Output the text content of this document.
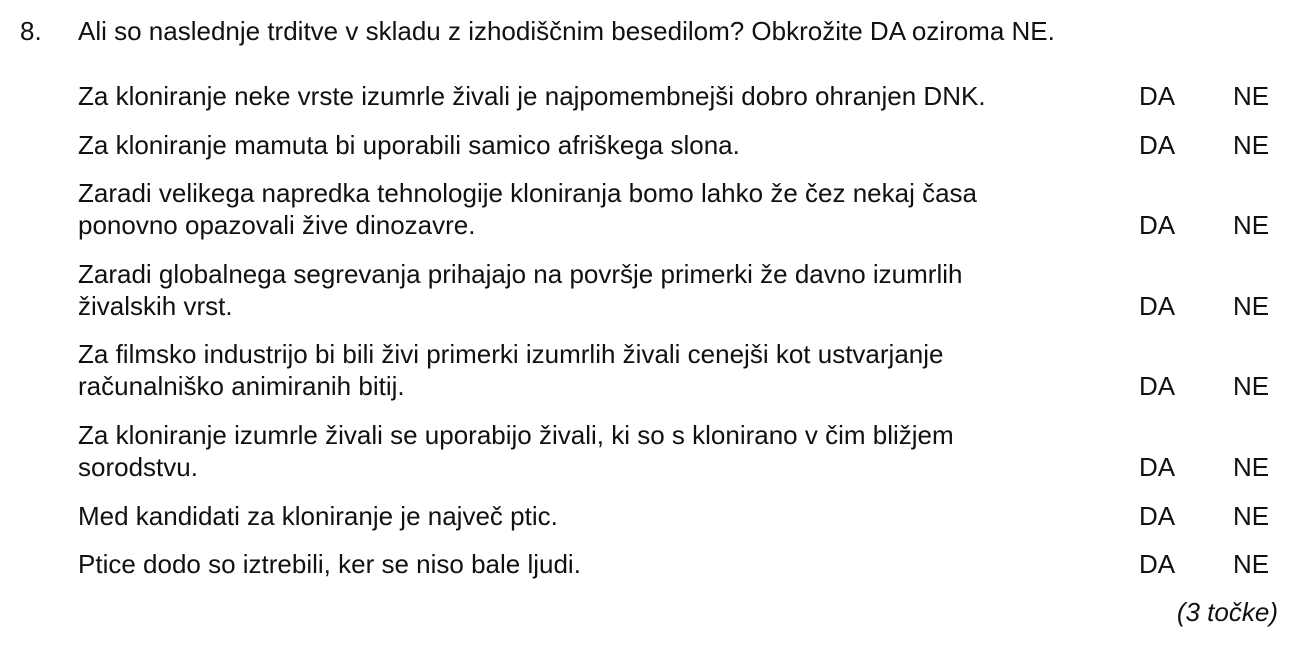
8. Ali so naslednje trditve v skladu z izhodiščnim besedilom? Obkrožite DA oziroma NE.
Za kloniranje neke vrste izumrle živali je najpomembnejši dobro ohranjen DNK.	DA NE
Za kloniranje mamuta bi uporabili samico afriškega slona.	DA NE
Zaradi velikega napredka tehnologije kloniranja bomo lahko že čez nekaj časa
ponovno opazovali žive dinozavre.	DA NE
Zaradi globalnega segrevanja prihajajo na površje primerki že davno izumrlih
živalskih vrst.	DA NE
Za filmsko industrijo bi bili živi primerki izumrlih živali cenejši kot ustvarjanje
računalniško animiranih bitij.	DA NE
Za kloniranje izumrle živali se uporabijo živali, ki so s klonirano v čim bližjem
sorodstvu.	DA NE
Med kandidati za kloniranje je največ ptic.	DA NE
Ptice dodo so iztrebili, ker se niso bale ljudi.	DA NE
(3 točke)
